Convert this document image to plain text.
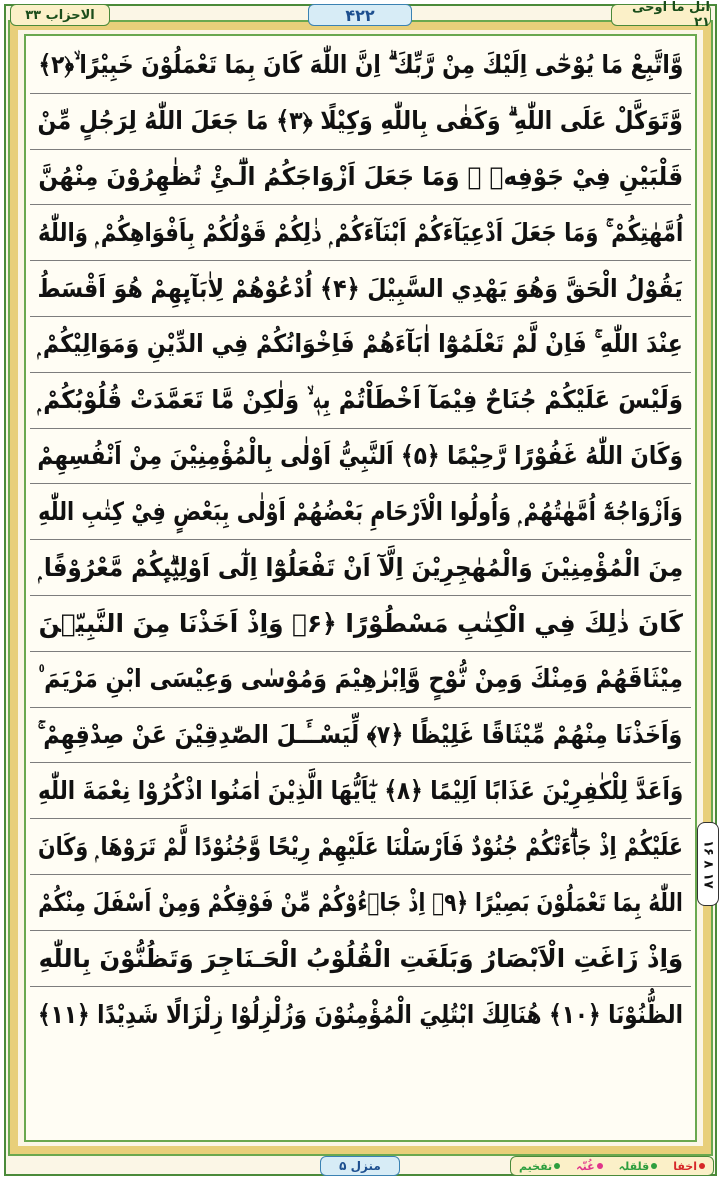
الاحزاب ۳۳	۴۲۲	اتل ما اوحی ۲۱
وَّاتَّبِعْ مَا يُوْحٰٓى اِلَيْكَ مِنْ رَّبِّكَ ۗ اِنَّ اللّٰهَ كَانَ بِمَا تَعْمَلُوْنَ خَبِيْرًا ۙ﴿۲﴾
وَّتَوَكَّلْ عَلَى اللّٰهِ ۗ وَكَفٰى بِاللّٰهِ وَكِيْلًا ﴿۳﴾ مَا جَعَلَ اللّٰهُ لِرَجُلٍ مِّنْ
قَلْبَيْنِ فِيْ جَوْفِهٖ ۚ وَمَا جَعَلَ اَزْوَاجَكُمُ الّٰٓـئِْ تُظٰهِرُوْنَ مِنْهُنَّ
اُمَّهٰتِكُمْ ۚ وَمَا جَعَلَ اَدْعِيَآءَكُمْ اَبْنَآءَكُمْ ۭ ذٰلِكُمْ قَوْلُكُمْ بِاَفْوَاهِكُمْ ۭ وَاللّٰهُ
يَقُوْلُ الْحَقَّ وَهُوَ يَهْدِي السَّبِيْلَ ﴿۴﴾ اُدْعُوْهُمْ لِاٰبَآىِٕهِمْ هُوَ اَقْسَطُ
عِنْدَ اللّٰهِ ۚ فَاِنْ لَّمْ تَعْلَمُوْٓا اٰبَآءَهُمْ فَاِخْوَانُكُمْ فِي الدِّيْنِ وَمَوَالِيْكُمْ ۭ
وَلَيْسَ عَلَيْكُمْ جُنَاحٌ فِيْمَآ اَخْطَاْتُمْ بِهٖ ۙ وَلٰكِنْ مَّا تَعَمَّدَتْ قُلُوْبُكُمْ ۭ
وَكَانَ اللّٰهُ غَفُوْرًا رَّحِيْمًا ﴿۵﴾ اَلنَّبِيُّ اَوْلٰى بِالْمُؤْمِنِيْنَ مِنْ اَنْفُسِهِمْ
وَاَزْوَاجُهٗٓ اُمَّهٰتُهُمْ ۭ وَاُولُوا الْاَرْحَامِ بَعْضُهُمْ اَوْلٰى بِبَعْضٍ فِيْ كِتٰبِ اللّٰهِ
مِنَ الْمُؤْمِنِيْنَ وَالْمُهٰجِرِيْنَ اِلَّآ اَنْ تَفْعَلُوْٓا اِلٰٓى اَوْلِيٰۗىِٕكُمْ مَّعْرُوْفًا ۭ
كَانَ ذٰلِكَ فِي الْكِتٰبِ مَسْطُوْرًا ﴿۶﴾ وَاِذْ اَخَذْنَا مِنَ النَّبِيّٖنَ
مِيْثَاقَهُمْ وَمِنْكَ وَمِنْ نُّوْحٍ وَّاِبْرٰهِيْمَ وَمُوْسٰى وَعِيْسَى ابْنِ مَرْيَمَ ۠
وَاَخَذْنَا مِنْهُمْ مِّيْثَاقًا غَلِيْظًا ﴿۷﴾ لِّيَسْــَٔـلَ الصّٰدِقِيْنَ عَنْ صِدْقِهِمْ ۚ
وَاَعَدَّ لِلْكٰفِرِيْنَ عَذَابًا اَلِيْمًا ﴿۸﴾ يٰٓاَيُّهَا الَّذِيْنَ اٰمَنُوا اذْكُرُوْا نِعْمَةَ اللّٰهِ
عَلَيْكُمْ اِذْ جَاۗءَتْكُمْ جُنُوْدٌ فَاَرْسَلْنَا عَلَيْهِمْ رِيْحًا وَّجُنُوْدًا لَّمْ تَرَوْهَا ۭ وَكَانَ
اللّٰهُ بِمَا تَعْمَلُوْنَ بَصِيْرًا ﴿۹﴾ اِذْ جَاۗءُوْكُمْ مِّنْ فَوْقِكُمْ وَمِنْ اَسْفَلَ مِنْكُمْ
وَاِذْ زَاغَتِ الْاَبْصَارُ وَبَلَغَتِ الْقُلُوْبُ الْحَـنَاجِرَ وَتَظُنُّوْنَ بِاللّٰهِ
الظُّنُوْنَا ﴿۱۰﴾ هُنَالِكَ ابْتُلِيَ الْمُؤْمِنُوْنَ وَزُلْزِلُوْا زِلْزَالًا شَدِيْدًا ﴿۱۱﴾
۱۶ ۸ ۱۷
منزل ۵	اخفا
قلقلہ
غُنّہ
تفخیم
